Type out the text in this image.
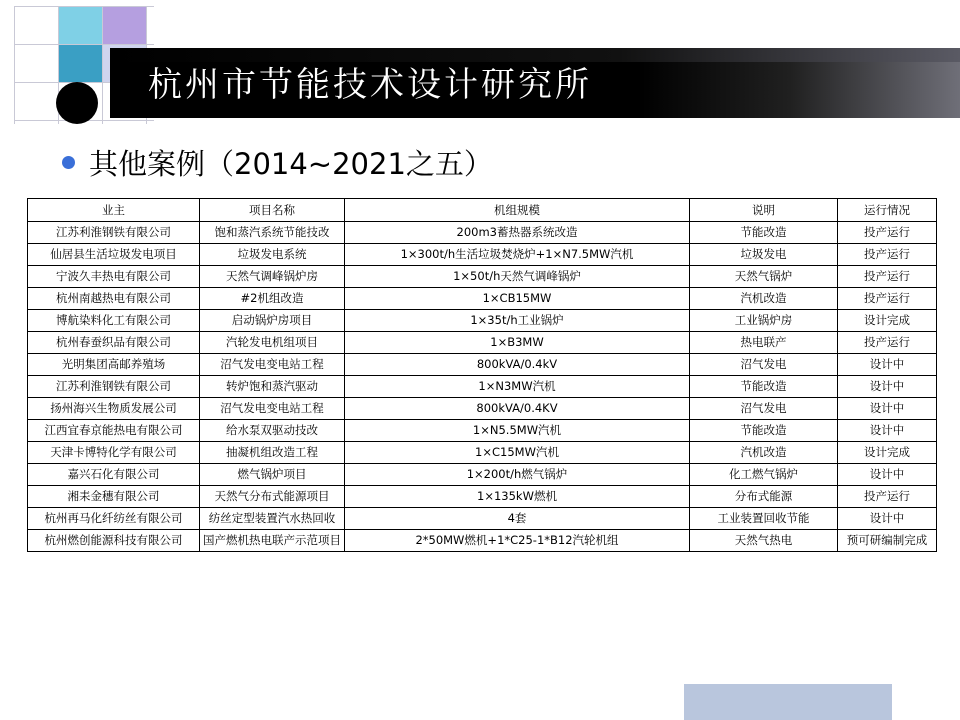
杭州市节能技术设计研究所
其他案例（2014~2021之五）
业主	项目名称	机组规模	说明	运行情况
江苏利淮钢铁有限公司	饱和蒸汽系统节能技改	200m3蓄热器系统改造	节能改造	投产运行
仙居县生活垃圾发电项目	垃圾发电系统	1×300t/h生活垃圾焚烧炉+1×N7.5MW汽机	垃圾发电	投产运行
宁波久丰热电有限公司	天然气调峰锅炉房	1×50t/h天然气调峰锅炉	天然气锅炉	投产运行
杭州南越热电有限公司	#2机组改造	1×CB15MW	汽机改造	投产运行
博航染料化工有限公司	启动锅炉房项目	1×35t/h工业锅炉	工业锅炉房	设计完成
杭州春蚕织品有限公司	汽轮发电机组项目	1×B3MW	热电联产	投产运行
光明集团高邮养殖场	沼气发电变电站工程	800kVA/0.4kV	沼气发电	设计中
江苏利淮钢铁有限公司	转炉饱和蒸汽驱动	1×N3MW汽机	节能改造	设计中
扬州海兴生物质发展公司	沼气发电变电站工程	800kVA/0.4KV	沼气发电	设计中
江西宜春京能热电有限公司	给水泵双驱动技改	1×N5.5MW汽机	节能改造	设计中
天津卡博特化学有限公司	抽凝机组改造工程	1×C15MW汽机	汽机改造	设计完成
嘉兴石化有限公司	燃气锅炉项目	1×200t/h燃气锅炉	化工燃气锅炉	设计中
湘耒金穗有限公司	天然气分布式能源项目	1×135kW燃机	分布式能源	投产运行
杭州再马化纤纺丝有限公司	纺丝定型装置汽水热回收	4套	工业装置回收节能	设计中
杭州燃创能源科技有限公司	国产燃机热电联产示范项目	2*50MW燃机+1*C25-1*B12汽轮机组	天然气热电	预可研编制完成
